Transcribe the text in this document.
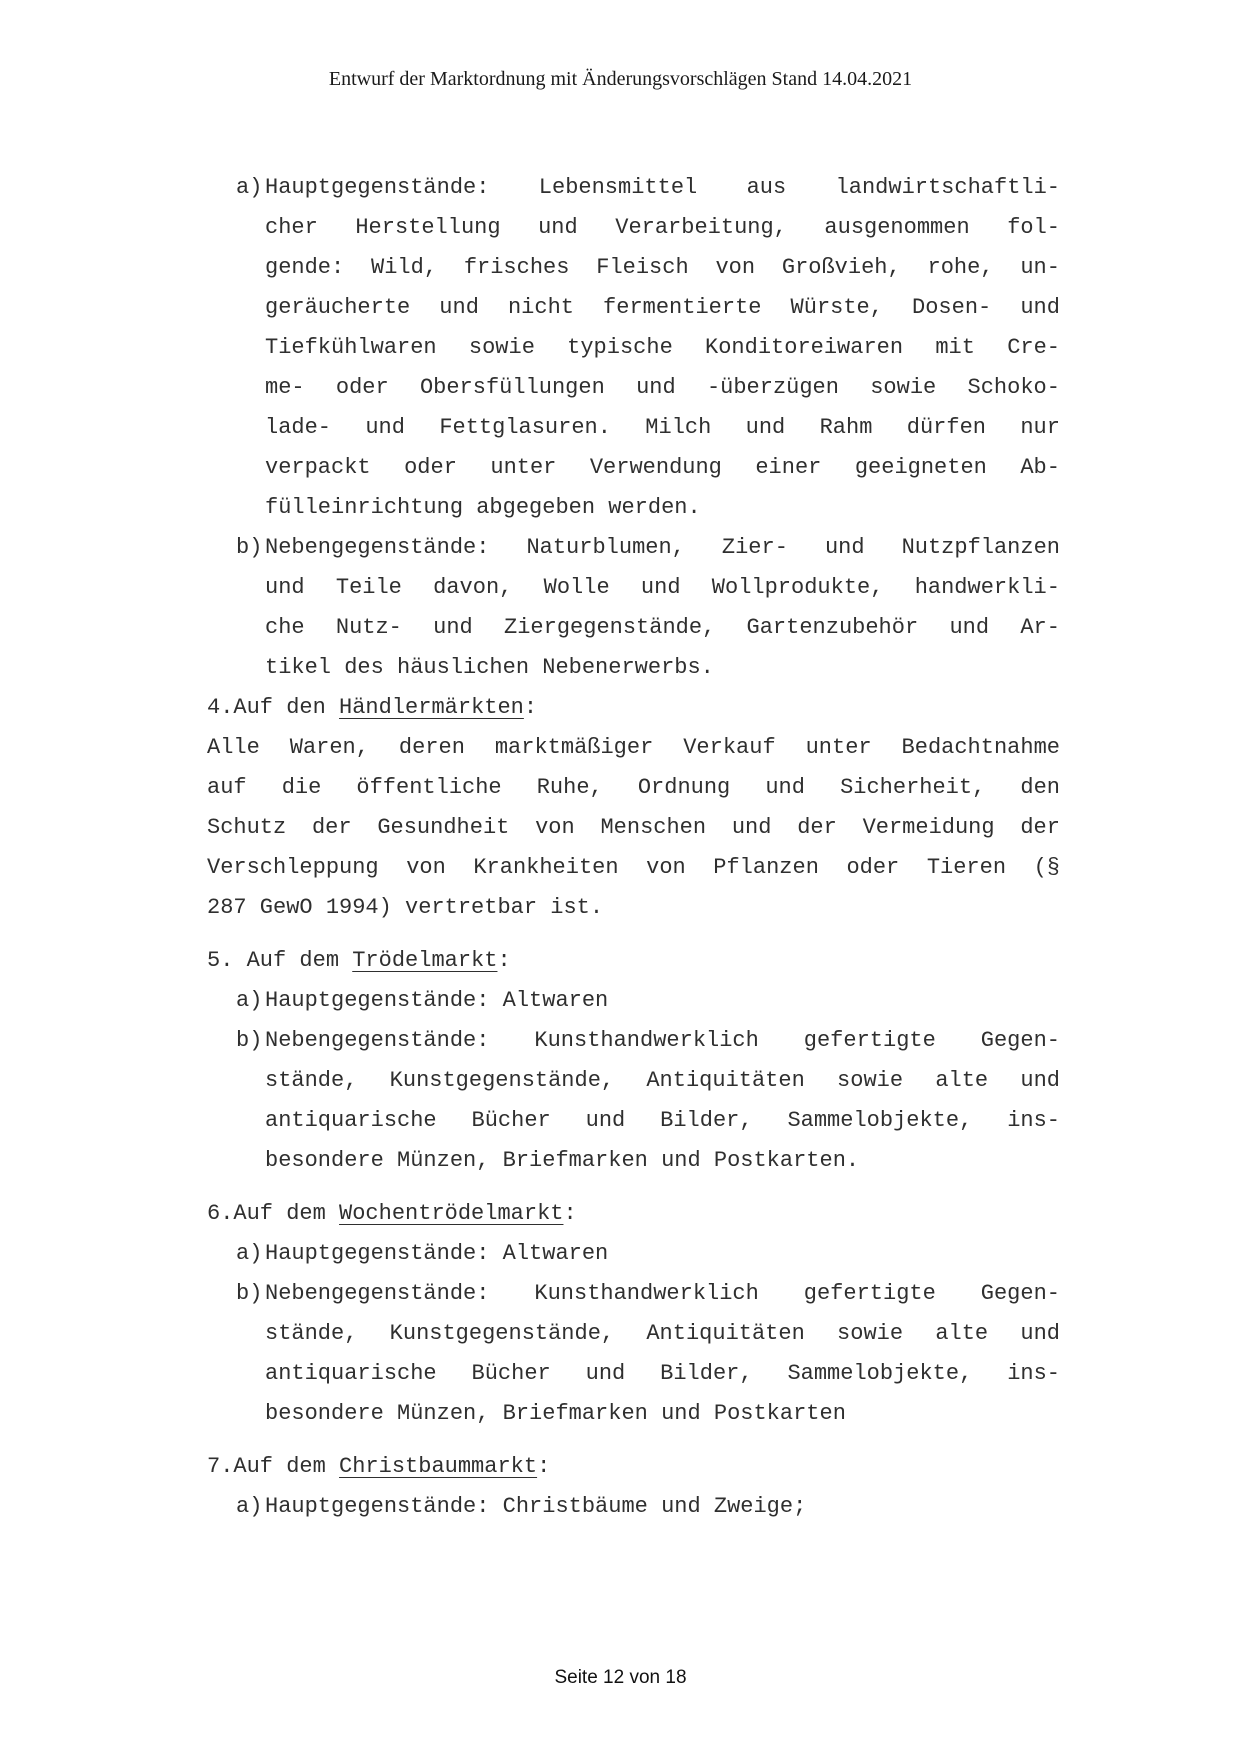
Entwurf der Marktordnung mit Änderungsvorschlägen Stand 14.04.2021
a) Hauptgegenstände: Lebensmittel aus landwirtschaftli-
cher Herstellung und Verarbeitung, ausgenommen fol-
gende: Wild, frisches Fleisch von Großvieh, rohe, un-
geräucherte und nicht fermentierte Würste, Dosen- und
Tiefkühlwaren sowie typische Konditoreiwaren mit Cre-
me- oder Obersfüllungen und -überzügen sowie Schoko-
lade- und Fettglasuren. Milch und Rahm dürfen nur
verpackt oder unter Verwendung einer geeigneten Ab-
fülleinrichtung abgegeben werden.
b) Nebengegenstände: Naturblumen, Zier- und Nutzpflanzen
und Teile davon, Wolle und Wollprodukte, handwerkli-
che Nutz- und Ziergegenstände, Gartenzubehör und Ar-
tikel des häuslichen Nebenerwerbs.
4.Auf den Händlermärkten:
Alle Waren, deren marktmäßiger Verkauf unter Bedachtnahme
auf die öffentliche Ruhe, Ordnung und Sicherheit, den
Schutz der Gesundheit von Menschen und der Vermeidung der
Verschleppung von Krankheiten von Pflanzen oder Tieren (§
287 GewO 1994) vertretbar ist.
5. Auf dem Trödelmarkt:
a) Hauptgegenstände: Altwaren
b) Nebengegenstände: Kunsthandwerklich gefertigte Gegen-
stände, Kunstgegenstände, Antiquitäten sowie alte und
antiquarische Bücher und Bilder, Sammelobjekte, ins-
besondere Münzen, Briefmarken und Postkarten.
6.Auf dem Wochentrödelmarkt:
a) Hauptgegenstände: Altwaren
b) Nebengegenstände: Kunsthandwerklich gefertigte Gegen-
stände, Kunstgegenstände, Antiquitäten sowie alte und
antiquarische Bücher und Bilder, Sammelobjekte, ins-
besondere Münzen, Briefmarken und Postkarten
7.Auf dem Christbaummarkt:
a) Hauptgegenstände: Christbäume und Zweige;
Seite 12 von 18
